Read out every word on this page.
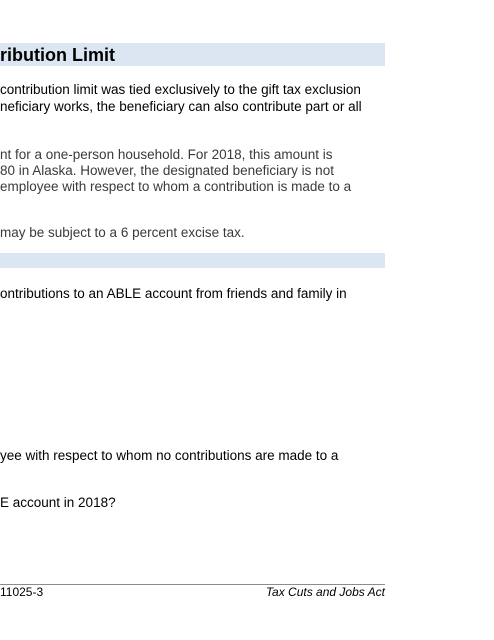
ribution Limit
contribution limit was tied exclusively to the gift tax exclusion
neficiary works, the beneficiary can also contribute part or all
nt for a one-person household. For 2018, this amount is
80 in Alaska. However, the designated beneficiary is not
employee with respect to whom a contribution is made to a
may be subject to a 6 percent excise tax.
ontributions to an ABLE account from friends and family in
yee with respect to whom no contributions are made to a
E account in 2018?
11025-3	Tax Cuts and Jobs Act
